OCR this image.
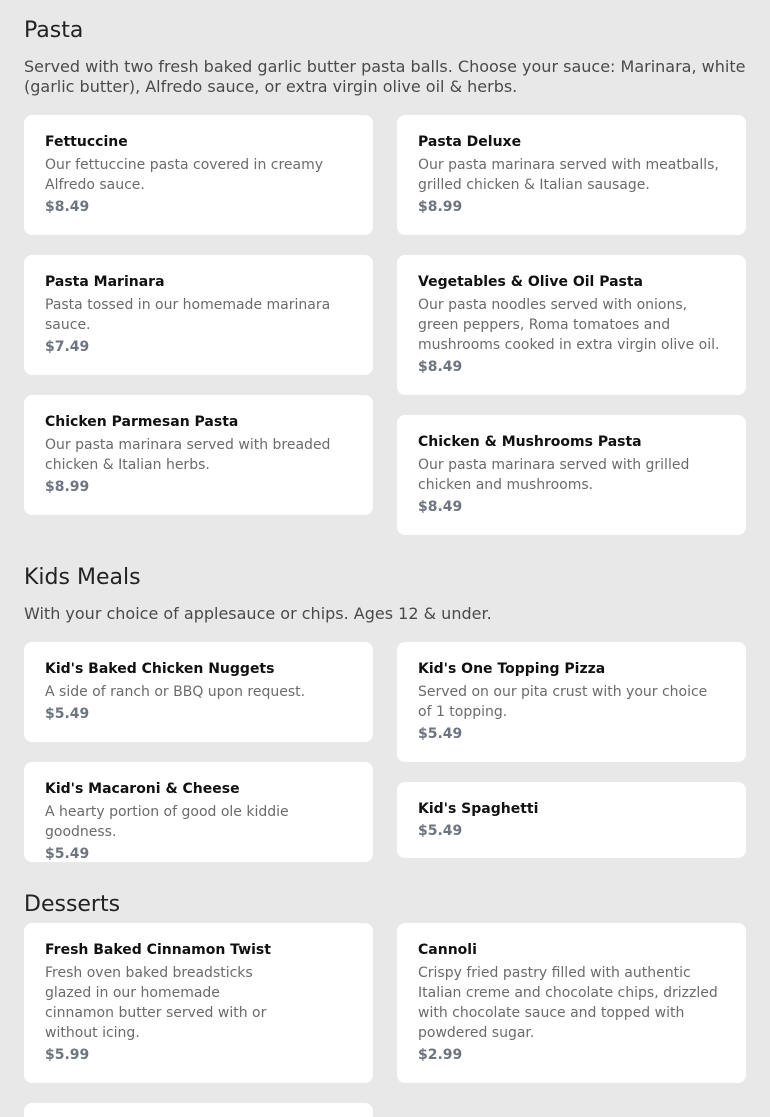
Pasta

Served with two fresh baked garlic butter pasta balls. Choose your sauce: Marinara, white (garlic butter), Alfredo sauce, or extra virgin olive oil & herbs.

Fettuccine
Our fettuccine pasta covered in creamy Alfredo sauce.
$8.49
Pasta Deluxe
Our pasta marinara served with meatballs, grilled chicken & Italian sausage.
$8.99
Pasta Marinara
Pasta tossed in our homemade marinara sauce.
$7.49
Vegetables & Olive Oil Pasta
Our pasta noodles served with onions, green peppers, Roma tomatoes and mushrooms cooked in extra virgin olive oil.
$8.49
Chicken Parmesan Pasta
Our pasta marinara served with breaded chicken & Italian herbs.
$8.99
Chicken & Mushrooms Pasta
Our pasta marinara served with grilled chicken and mushrooms.
$8.49
Kids Meals

With your choice of applesauce or chips. Ages 12 & under.

Kid's Baked Chicken Nuggets
A side of ranch or BBQ upon request.
$5.49
Kid's One Topping Pizza
Served on our pita crust with your choice of 1 topping.
$5.49
Kid's Macaroni & Cheese
A hearty portion of good ole kiddie goodness.
$5.49
Kid's Spaghetti
$5.49
Desserts
Fresh Baked Cinnamon Twist
Fresh oven baked breadsticks glazed in our homemade cinnamon butter served with or without icing.
$5.99
Cannoli
Crispy fried pastry filled with authentic Italian creme and chocolate chips, drizzled with chocolate sauce and topped with powdered sugar.
$2.99
